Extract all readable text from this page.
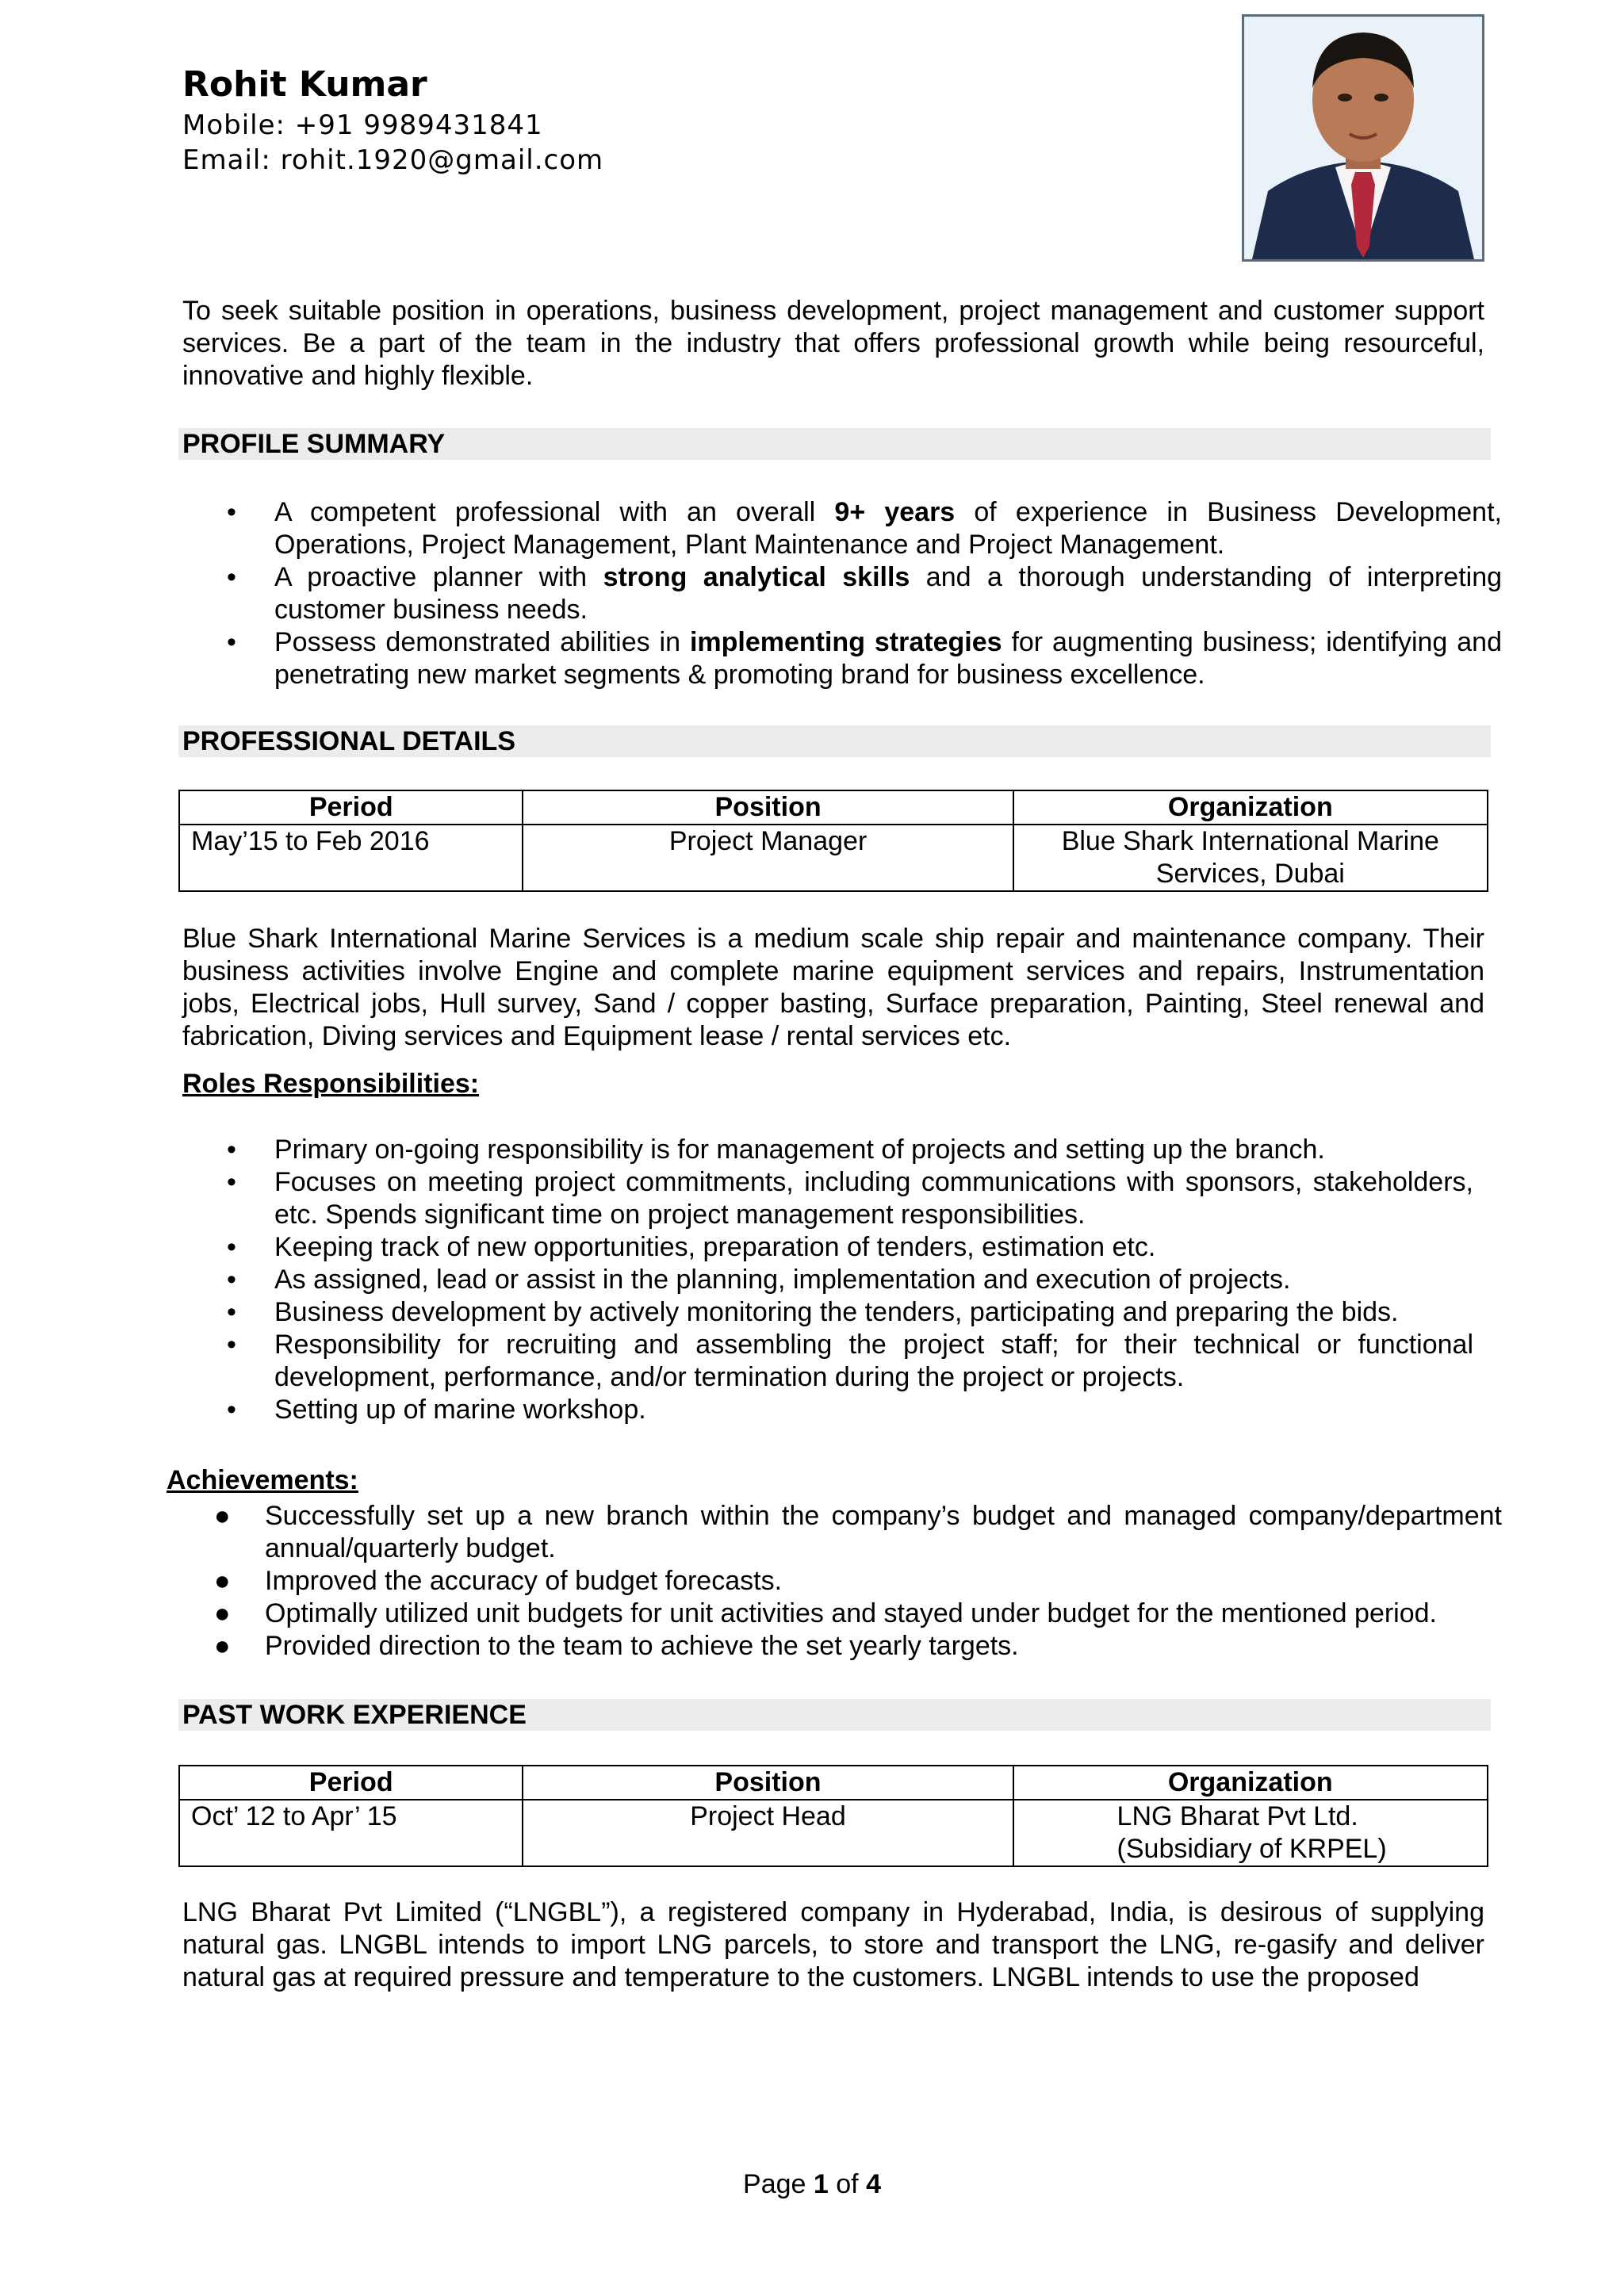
Rohit Kumar
Mobile: +91 9989431841
Email: rohit.1920@gmail.com
To seek suitable position in operations, business development, project management and customer support services. Be a part of the team in the industry that offers professional growth while being resourceful, innovative and highly flexible.
PROFILE SUMMARY
• A competent professional with an overall 9+ years of experience in Business Development, Operations, Project Management, Plant Maintenance and Project Management.
• A proactive planner with strong analytical skills and a thorough understanding of interpreting customer business needs.
• Possess demonstrated abilities in implementing strategies for augmenting business; identifying and penetrating new market segments & promoting brand for business excellence.
PROFESSIONAL DETAILS
Period	Position	Organization
May’15 to Feb 2016	Project Manager	Blue Shark International Marine Services, Dubai
Blue Shark International Marine Services is a medium scale ship repair and maintenance company. Their business activities involve Engine and complete marine equipment services and repairs, Instrumentation jobs, Electrical jobs, Hull survey, Sand / copper basting, Surface preparation, Painting, Steel renewal and fabrication, Diving services and Equipment lease / rental services etc.
Roles Responsibilities:
• Primary on-going responsibility is for management of projects and setting up the branch.
• Focuses on meeting project commitments, including communications with sponsors, stakeholders, etc. Spends significant time on project management responsibilities.
• Keeping track of new opportunities, preparation of tenders, estimation etc.
• As assigned, lead or assist in the planning, implementation and execution of projects.
• Business development by actively monitoring the tenders, participating and preparing the bids.
• Responsibility for recruiting and assembling the project staff; for their technical or functional development, performance, and/or termination during the project or projects.
• Setting up of marine workshop.
Achievements:
● Successfully set up a new branch within the company’s budget and managed company/department annual/quarterly budget.
● Improved the accuracy of budget forecasts.
● Optimally utilized unit budgets for unit activities and stayed under budget for the mentioned period.
● Provided direction to the team to achieve the set yearly targets.
PAST WORK EXPERIENCE
Period	Position	Organization
Oct’ 12 to Apr’ 15	Project Head	LNG Bharat Pvt Ltd. (Subsidiary of KRPEL)
LNG Bharat Pvt Limited (“LNGBL”), a registered company in Hyderabad, India, is desirous of supplying natural gas. LNGBL intends to import LNG parcels, to store and transport the LNG, re-gasify and deliver natural gas at required pressure and temperature to the customers. LNGBL intends to use the proposed
Page 1 of 4
